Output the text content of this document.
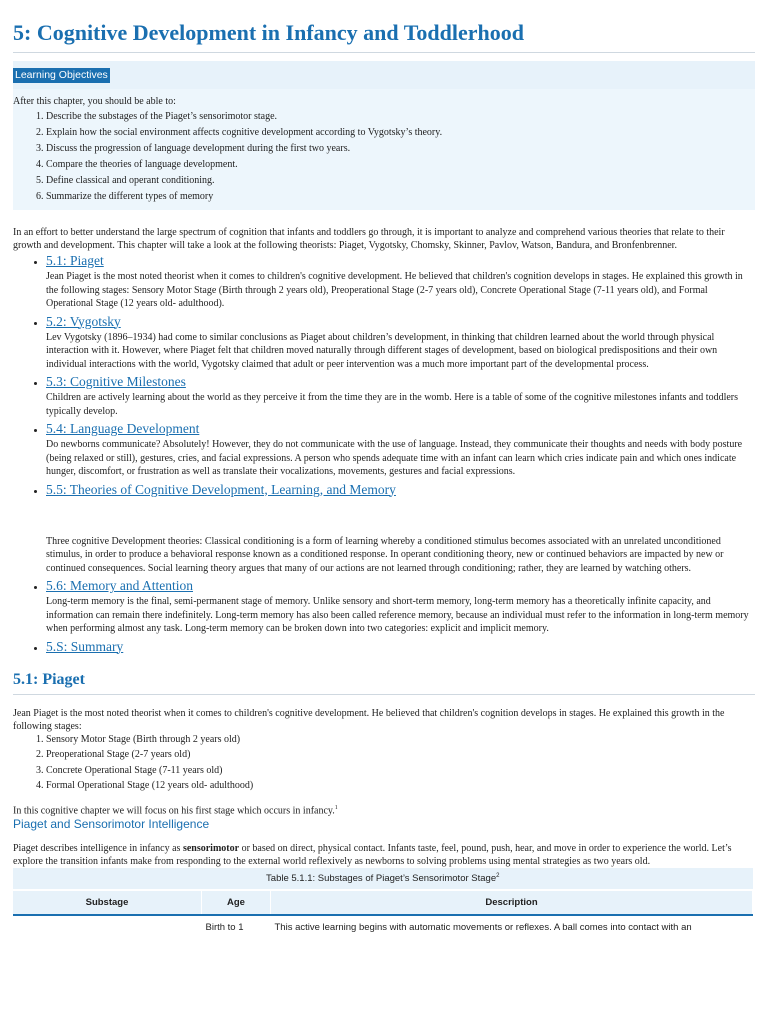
5: Cognitive Development in Infancy and Toddlerhood
Learning Objectives

After this chapter, you should be able to:

1. Describe the substages of the Piaget’s sensorimotor stage.
2. Explain how the social environment affects cognitive development according to Vygotsky’s theory.
3. Discuss the progression of language development during the first two years.
4. Compare the theories of language development.
5. Define classical and operant conditioning.
6. Summarize the different types of memory

In an effort to better understand the large spectrum of cognition that infants and toddlers go through, it is important to analyze and comprehend various theories that relate to their growth and development. This chapter will take a look at the following theorists: Piaget, Vygotsky, Chomsky, Skinner, Pavlov, Watson, Bandura, and Bronfenbrenner.

• 5.1: Piaget

Jean Piaget is the most noted theorist when it comes to children's cognitive development. He believed that children's cognition develops in stages. He explained this growth in the following stages: Sensory Motor Stage (Birth through 2 years old), Preoperational Stage (2-7 years old), Concrete Operational Stage (7-11 years old), and Formal Operational Stage (12 years old- adulthood).

• 5.2: Vygotsky

Lev Vygotsky (1896–1934) had come to similar conclusions as Piaget about children’s development, in thinking that children learned about the world through physical interaction with it. However, where Piaget felt that children moved naturally through different stages of development, based on biological predispositions and their own individual interactions with the world, Vygotsky claimed that adult or peer intervention was a much more important part of the developmental process.

• 5.3: Cognitive Milestones

Children are actively learning about the world as they perceive it from the time they are in the womb. Here is a table of some of the cognitive milestones infants and toddlers typically develop.

• 5.4: Language Development

Do newborns communicate? Absolutely! However, they do not communicate with the use of language. Instead, they communicate their thoughts and needs with body posture (being relaxed or still), gestures, cries, and facial expressions. A person who spends adequate time with an infant can learn which cries indicate pain and which ones indicate hunger, discomfort, or frustration as well as translate their vocalizations, movements, gestures and facial expressions.

• 5.5: Theories of Cognitive Development, Learning, and Memory

Three cognitive Development theories: Classical conditioning is a form of learning whereby a conditioned stimulus becomes associated with an unrelated unconditioned stimulus, in order to produce a behavioral response known as a conditioned response. In operant conditioning theory, new or continued behaviors are impacted by new or continued consequences. Social learning theory argues that many of our actions are not learned through conditioning; rather, they are learned by watching others.

• 5.6: Memory and Attention

Long-term memory is the final, semi-permanent stage of memory. Unlike sensory and short-term memory, long-term memory has a theoretically infinite capacity, and information can remain there indefinitely. Long-term memory has also been called reference memory, because an individual must refer to the information in long-term memory when performing almost any task. Long-term memory can be broken down into two categories: explicit and implicit memory.

• 5.S: Summary
5.1: Piaget

Jean Piaget is the most noted theorist when it comes to children's cognitive development. He believed that children's cognition develops in stages. He explained this growth in the following stages:

1. Sensory Motor Stage (Birth through 2 years old)
2. Preoperational Stage (2-7 years old)
3. Concrete Operational Stage (7-11 years old)
4. Formal Operational Stage (12 years old- adulthood)

In this cognitive chapter we will focus on his first stage which occurs in infancy.$^1$

Piaget and Sensorimotor Intelligence

Piaget describes intelligence in infancy as sensorimotor or based on direct, physical contact. Infants taste, feel, pound, push, hear, and move in order to experience the world. Let’s explore the transition infants make from responding to the external world reflexively as newborns to solving problems using mental strategies as two years old.

Table 5.1.1: Substages of Piaget’s Sensorimotor Stage$^2$
Substage	Age	Description
	Birth to 1	This active learning begins with automatic movements or reflexes. A ball comes into contact with an
